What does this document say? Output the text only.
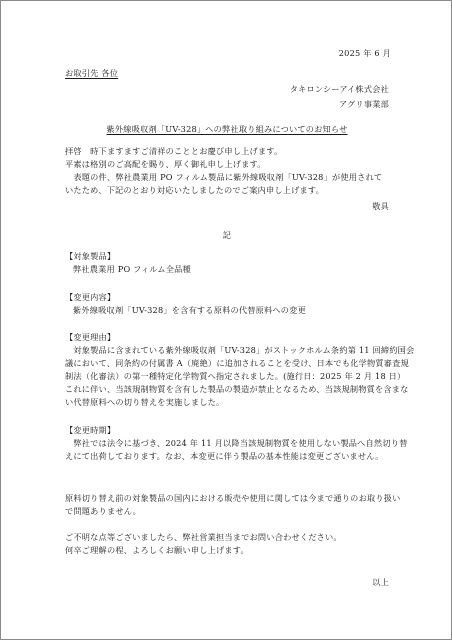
2025 年 6 月
お取引先 各位
タキロンシーアイ株式会社
アグリ事業部
紫外線吸収剤「UV-328」への弊社取り組みについてのお知らせ
拝啓　時下ますますご清祥のこととお慶び申し上げます。
平素は格別のご高配を賜り、厚く御礼申し上げます。
　表題の件、弊社農業用 PO フィルム製品に紫外線吸収剤「UV-328」が使用されていたため、下記のとおり対応いたしましたのでご案内申し上げます。
敬具
記
【対象製品】
弊社農業用 PO フィルム全品種
【変更内容】
紫外線吸収剤「UV-328」を含有する原料の代替原料への変更
【変更理由】
　対象製品に含まれている紫外線吸収剤「UV-328」がストックホルム条約第 11 回締約国会
議において、同条約の付属書 A（廃絶）に追加されることを受け、日本でも化学物質審査規
制法（化審法）の第一種特定化学物質へ指定されました。(施行日：2025 年 2 月 18 日）
これに伴い、当該規制物質を含有した製品の製造が禁止となるため、当該規制物質を含まな
い代替原料への切り替えを実施しました。
【変更時期】
　弊社では法令に基づき、2024 年 11 月以降当該規制物質を使用しない製品へ自然切り替
えにて出荷しております。なお、本変更に伴う製品の基本性能は変更ございません。
原料切り替え前の対象製品の国内における販売や使用に関しては今まで通りのお取り扱い
で問題ありません。
ご不明な点等ございましたら、弊社営業担当までお問い合わせください。
何卒ご理解の程、よろしくお願い申し上げます。
以上
